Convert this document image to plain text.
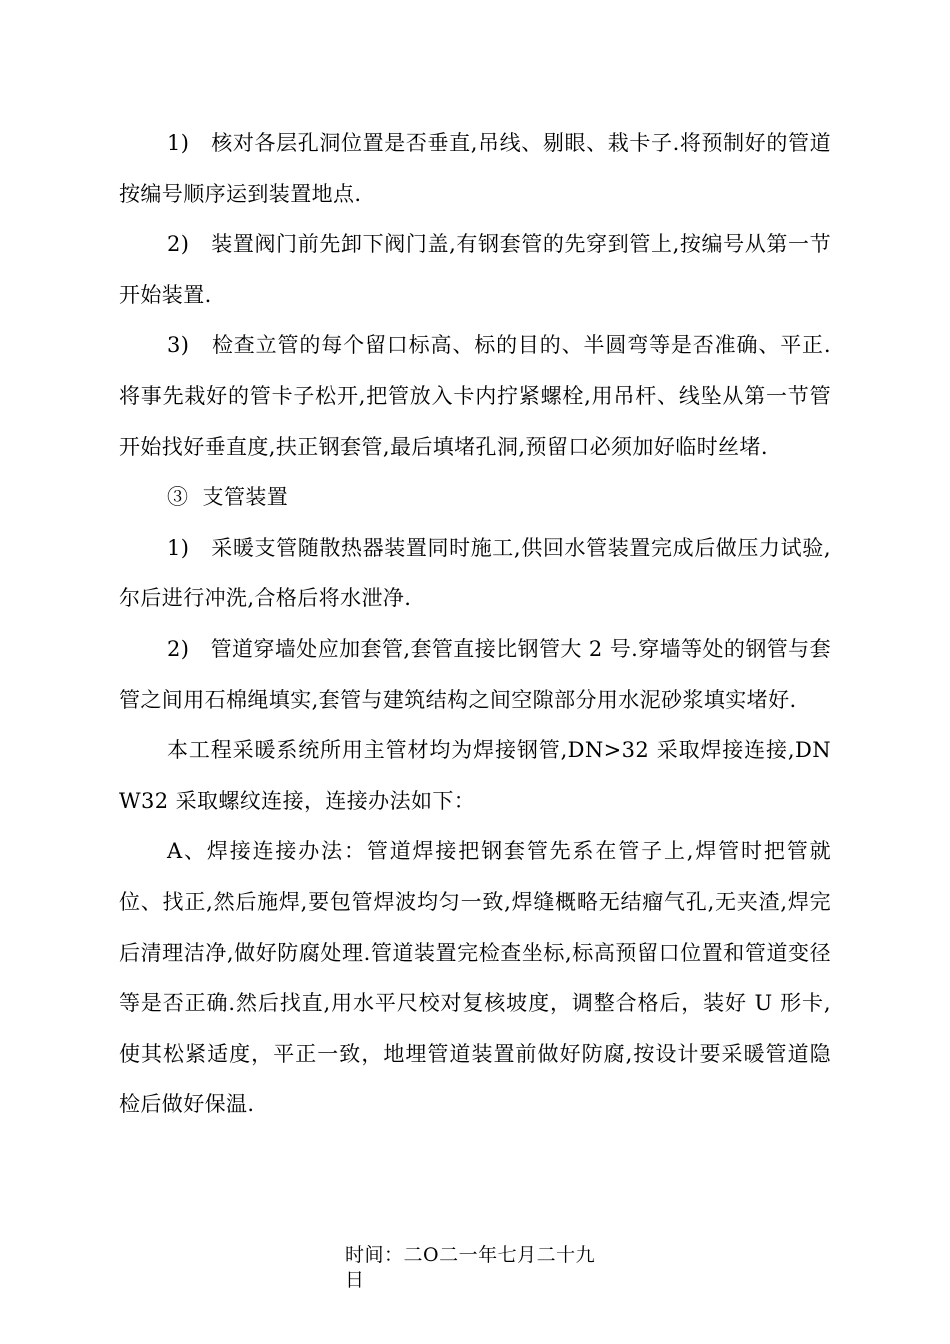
1)   核对各层孔洞位置是否垂直,吊线、剔眼、栽卡子.将预制好的管道按编号顺序运到装置地点.

2)   装置阀门前先卸下阀门盖,有钢套管的先穿到管上,按编号从第一节开始装置.

3)   检查立管的每个留口标高、标的目的、半圆弯等是否准确、平正.将事先栽好的管卡子松开,把管放入卡内拧紧螺栓,用吊杆、线坠从第一节管开始找好垂直度,扶正钢套管,最后填堵孔洞,预留口必须加好临时丝堵.

③  支管装置

1)   采暖支管随散热器装置同时施工,供回水管装置完成后做压力试验,尔后进行冲洗,合格后将水泄净.

2)   管道穿墙处应加套管,套管直接比钢管大 2 号.穿墙等处的钢管与套管之间用石棉绳填实,套管与建筑结构之间空隙部分用水泥砂浆填实堵好.

本工程采暖系统所用主管材均为焊接钢管,DN>32 采取焊接连接,DNW32 采取螺纹连接，连接办法如下：

A、焊接连接办法：管道焊接把钢套管先系在管子上,焊管时把管就位、找正,然后施焊,要包管焊波均匀一致,焊缝概略无结瘤气孔,无夹渣,焊完后清理洁净,做好防腐处理.管道装置完检查坐标,标高预留口位置和管道变径等是否正确.然后找直,用水平尺校对复核坡度，调整合格后，装好 U 形卡,使其松紧适度，平正一致，地埋管道装置前做好防腐,按设计要采暖管道隐检后做好保温.

时间：二O二一年七月二十九日
